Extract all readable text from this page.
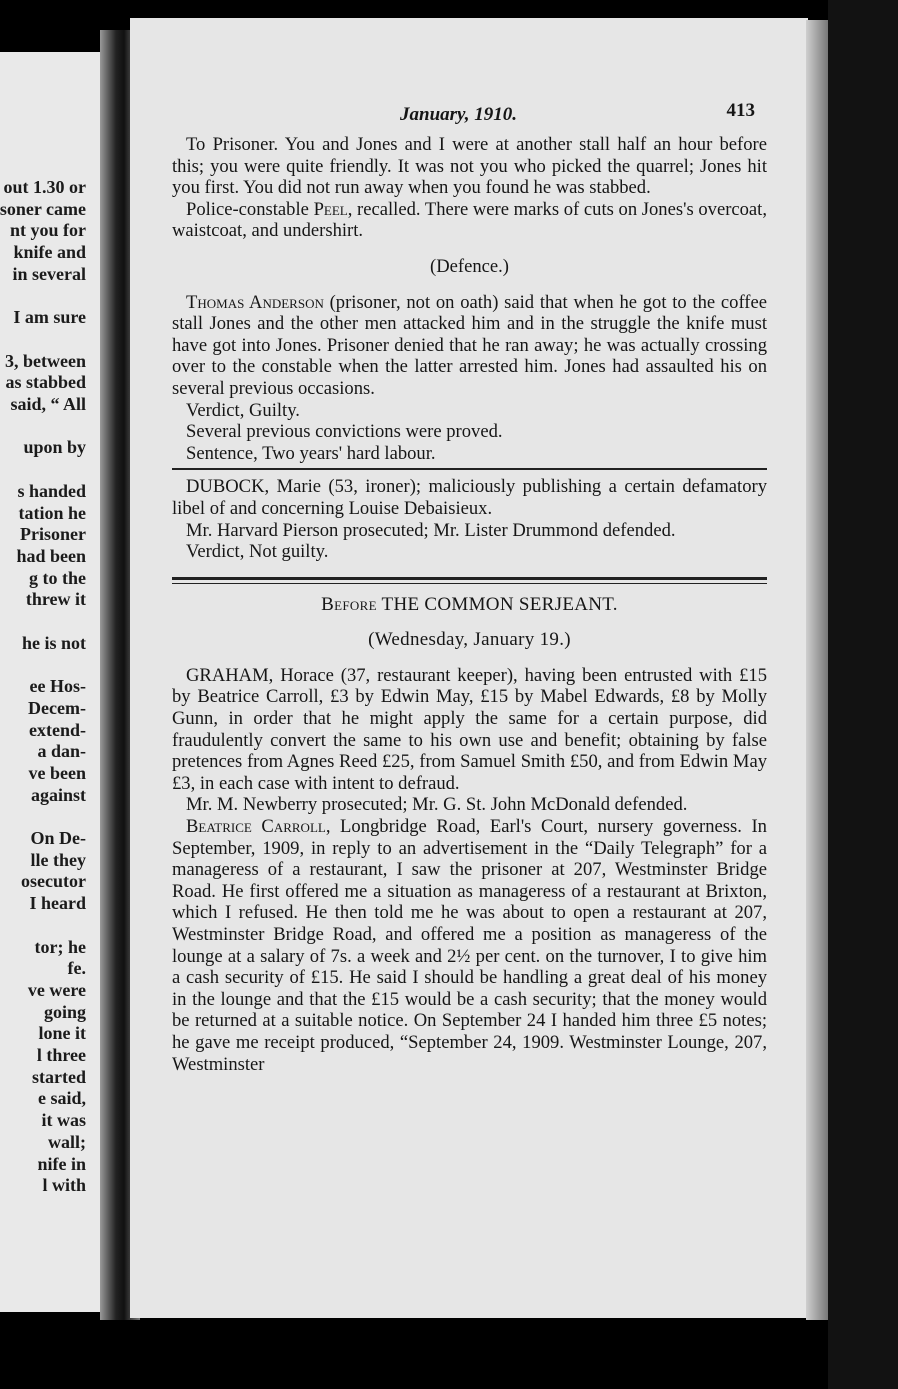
out 1.30 or
soner came
nt you for
knife and
in several
I am sure
3, between
as stabbed
said, “ All
upon by
s handed
tation he
Prisoner
had been
g to the
threw it
he is not
ee Hos-
Decem-
extend-
a dan-
ve been
against
On De-
lle they
osecutor
I heard
tor; he
fe.
ve were
going
lone it
l three
started
e said,
it was
wall;
nife in
l with
January, 1910.	413

To Prisoner. You and Jones and I were at another stall half an hour before this; you were quite friendly. It was not you who picked the quarrel; Jones hit you first. You did not run away when you found he was stabbed.

Police-constable Peel, recalled. There were marks of cuts on Jones's overcoat, waistcoat, and undershirt.

(Defence.)

Thomas Anderson (prisoner, not on oath) said that when he got to the coffee stall Jones and the other men attacked him and in the struggle the knife must have got into Jones. Prisoner denied that he ran away; he was actually crossing over to the constable when the latter arrested him. Jones had assaulted his on several previous occasions.

Verdict, Guilty.

Several previous convictions were proved.

Sentence, Two years' hard labour.

DUBOCK, Marie (53, ironer); maliciously publishing a certain defamatory libel of and concerning Louise Debaisieux.

Mr. Harvard Pierson prosecuted; Mr. Lister Drummond defended.

Verdict, Not guilty.

Before THE COMMON SERJEANT.

(Wednesday, January 19.)

GRAHAM, Horace (37, restaurant keeper), having been entrusted with £15 by Beatrice Carroll, £3 by Edwin May, £15 by Mabel Edwards, £8 by Molly Gunn, in order that he might apply the same for a certain purpose, did fraudulently convert the same to his own use and benefit; obtaining by false pretences from Agnes Reed £25, from Samuel Smith £50, and from Edwin May £3, in each case with intent to defraud.

Mr. M. Newberry prosecuted; Mr. G. St. John McDonald defended.

Beatrice Carroll, Longbridge Road, Earl's Court, nursery governess. In September, 1909, in reply to an advertisement in the “Daily Telegraph” for a manageress of a restaurant, I saw the prisoner at 207, Westminster Bridge Road. He first offered me a situation as manageress of a restaurant at Brixton, which I refused. He then told me he was about to open a restaurant at 207, Westminster Bridge Road, and offered me a position as manageress of the lounge at a salary of 7s. a week and 2½ per cent. on the turnover, I to give him a cash security of £15. He said I should be handling a great deal of his money in the lounge and that the £15 would be a cash security; that the money would be returned at a suitable notice. On September 24 I handed him three £5 notes; he gave me receipt produced, “September 24, 1909. Westminster Lounge, 207, Westminster
